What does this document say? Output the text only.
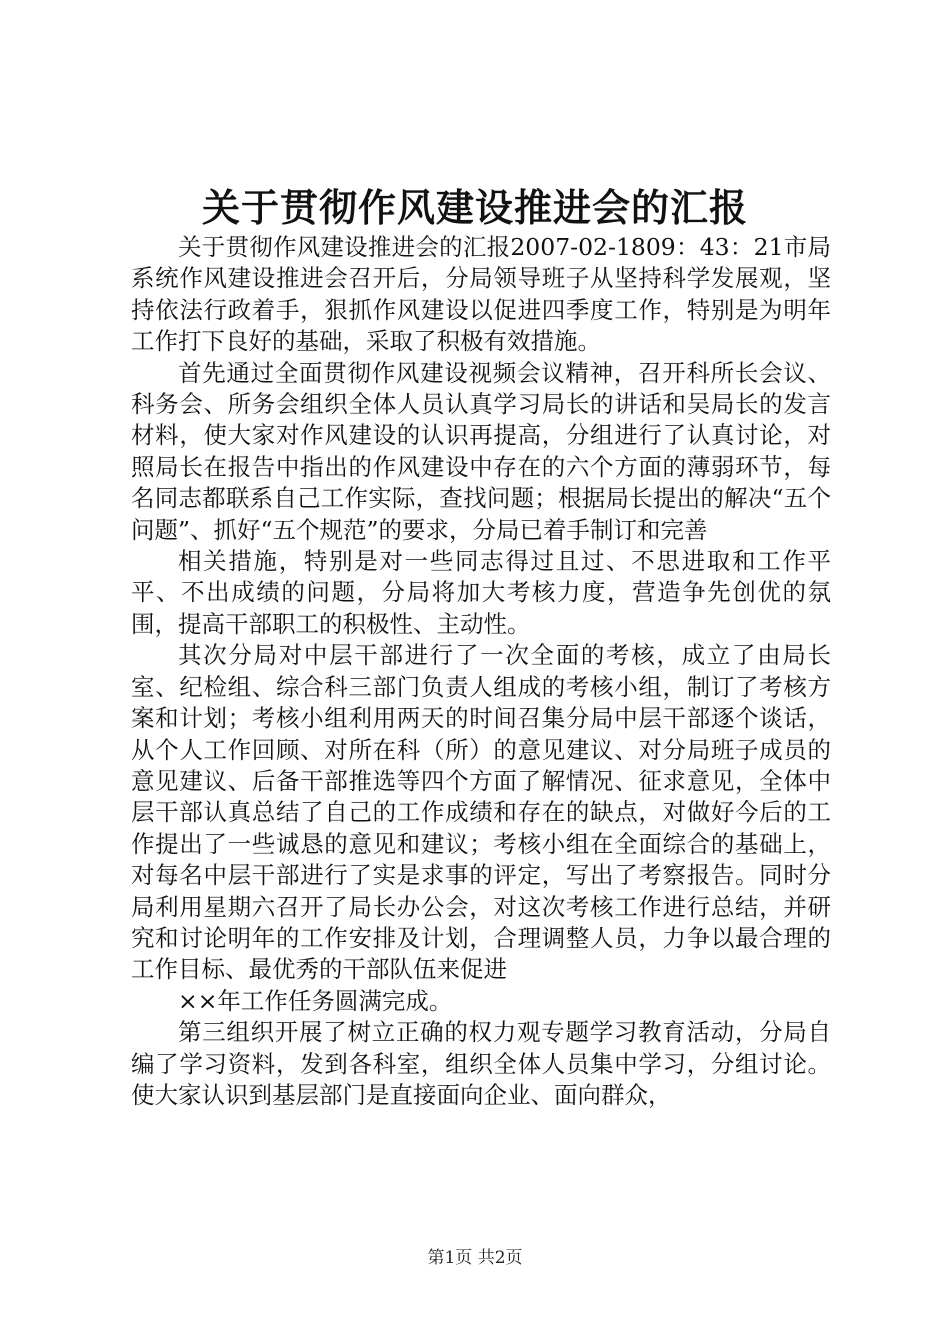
关于贯彻作风建设推进会的汇报

关于贯彻作风建设推进会的汇报2007-02-1809：43：21市局系统作风建设推进会召开后，分局领导班子从坚持科学发展观，坚持依法行政着手，狠抓作风建设以促进四季度工作，特别是为明年工作打下良好的基础，采取了积极有效措施。

首先通过全面贯彻作风建设视频会议精神，召开科所长会议、科务会、所务会组织全体人员认真学习局长的讲话和吴局长的发言材料，使大家对作风建设的认识再提高，分组进行了认真讨论，对照局长在报告中指出的作风建设中存在的六个方面的薄弱环节，每名同志都联系自己工作实际，查找问题；根据局长提出的解决“五个问题”、抓好“五个规范”的要求，分局已着手制订和完善

相关措施，特别是对一些同志得过且过、不思进取和工作平平、不出成绩的问题，分局将加大考核力度，营造争先创优的氛围，提高干部职工的积极性、主动性。

其次分局对中层干部进行了一次全面的考核，成立了由局长室、纪检组、综合科三部门负责人组成的考核小组，制订了考核方案和计划；考核小组利用两天的时间召集分局中层干部逐个谈话，从个人工作回顾、对所在科（所）的意见建议、对分局班子成员的意见建议、后备干部推选等四个方面了解情况、征求意见，全体中层干部认真总结了自己的工作成绩和存在的缺点，对做好今后的工作提出了一些诚恳的意见和建议；考核小组在全面综合的基础上，对每名中层干部进行了实是求事的评定，写出了考察报告。同时分局利用星期六召开了局长办公会，对这次考核工作进行总结，并研究和讨论明年的工作安排及计划，合理调整人员，力争以最合理的工作目标、最优秀的干部队伍来促进

××年工作任务圆满完成。

第三组织开展了树立正确的权力观专题学习教育活动，分局自编了学习资料，发到各科室，组织全体人员集中学习，分组讨论。使大家认识到基层部门是直接面向企业、面向群众，

第1页 共2页
